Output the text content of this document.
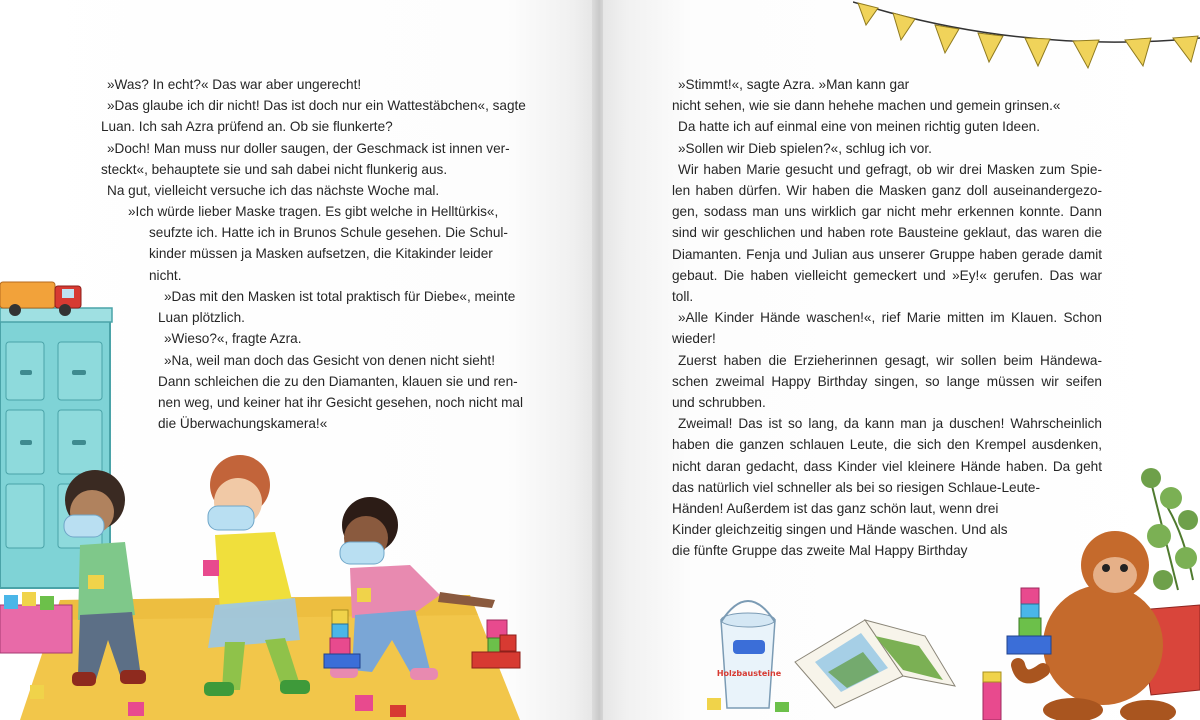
»Was? In echt?« Das war aber ungerecht!

»Das glaube ich dir nicht! Das ist doch nur ein Wattestäbchen«, sagte

Luan. Ich sah Azra prüfend an. Ob sie flunkerte?

»Doch! Man muss nur doller saugen, der Geschmack ist innen ver-

steckt«, behauptete sie und sah dabei nicht flunkerig aus.

Na gut, vielleicht versuche ich das nächste Woche mal.

»Ich würde lieber Maske tragen. Es gibt welche in Helltürkis«,

seufzte ich. Hatte ich in Brunos Schule gesehen. Die Schul-

kinder müssen ja Masken aufsetzen, die Kitakinder leider

nicht.

»Das mit den Masken ist total praktisch für Diebe«, meinte

Luan plötzlich.

»Wieso?«, fragte Azra.

»Na, weil man doch das Gesicht von denen nicht sieht!

Dann schleichen die zu den Diamanten, klauen sie und ren-

nen weg, und keiner hat ihr Gesicht gesehen, noch nicht mal

die Überwachungskamera!«

»Stimmt!«, sagte Azra. »Man kann gar

nicht sehen, wie sie dann hehehe machen und gemein grinsen.«

Da hatte ich auf einmal eine von meinen richtig guten Ideen.

»Sollen wir Dieb spielen?«, schlug ich vor.

Wir haben Marie gesucht und gefragt, ob wir drei Masken zum Spie-

len haben dürfen. Wir haben die Masken ganz doll auseinandergezo-

gen, sodass man uns wirklich gar nicht mehr erkennen konnte. Dann

sind wir geschlichen und haben rote Bausteine geklaut, das waren die

Diamanten. Fenja und Julian aus unserer Gruppe haben gerade damit

gebaut. Die haben vielleicht gemeckert und »Ey!« gerufen. Das war

toll.

»Alle Kinder Hände waschen!«, rief Marie mitten im Klauen. Schon

wieder!

Zuerst haben die Erzieherinnen gesagt, wir sollen beim Händewa-

schen zweimal Happy Birthday singen, so lange müssen wir seifen

und schrubben.

Zweimal! Das ist so lang, da kann man ja duschen! Wahrscheinlich

haben die ganzen schlauen Leute, die sich den Krempel ausdenken,

nicht daran gedacht, dass Kinder viel kleinere Hände haben. Da geht

das natürlich viel schneller als bei so riesigen Schlaue-Leute-

Händen! Außerdem ist das ganz schön laut, wenn drei

Kinder gleichzeitig singen und Hände waschen. Und als

die fünfte Gruppe das zweite Mal Happy Birthday

Holzbausteine
